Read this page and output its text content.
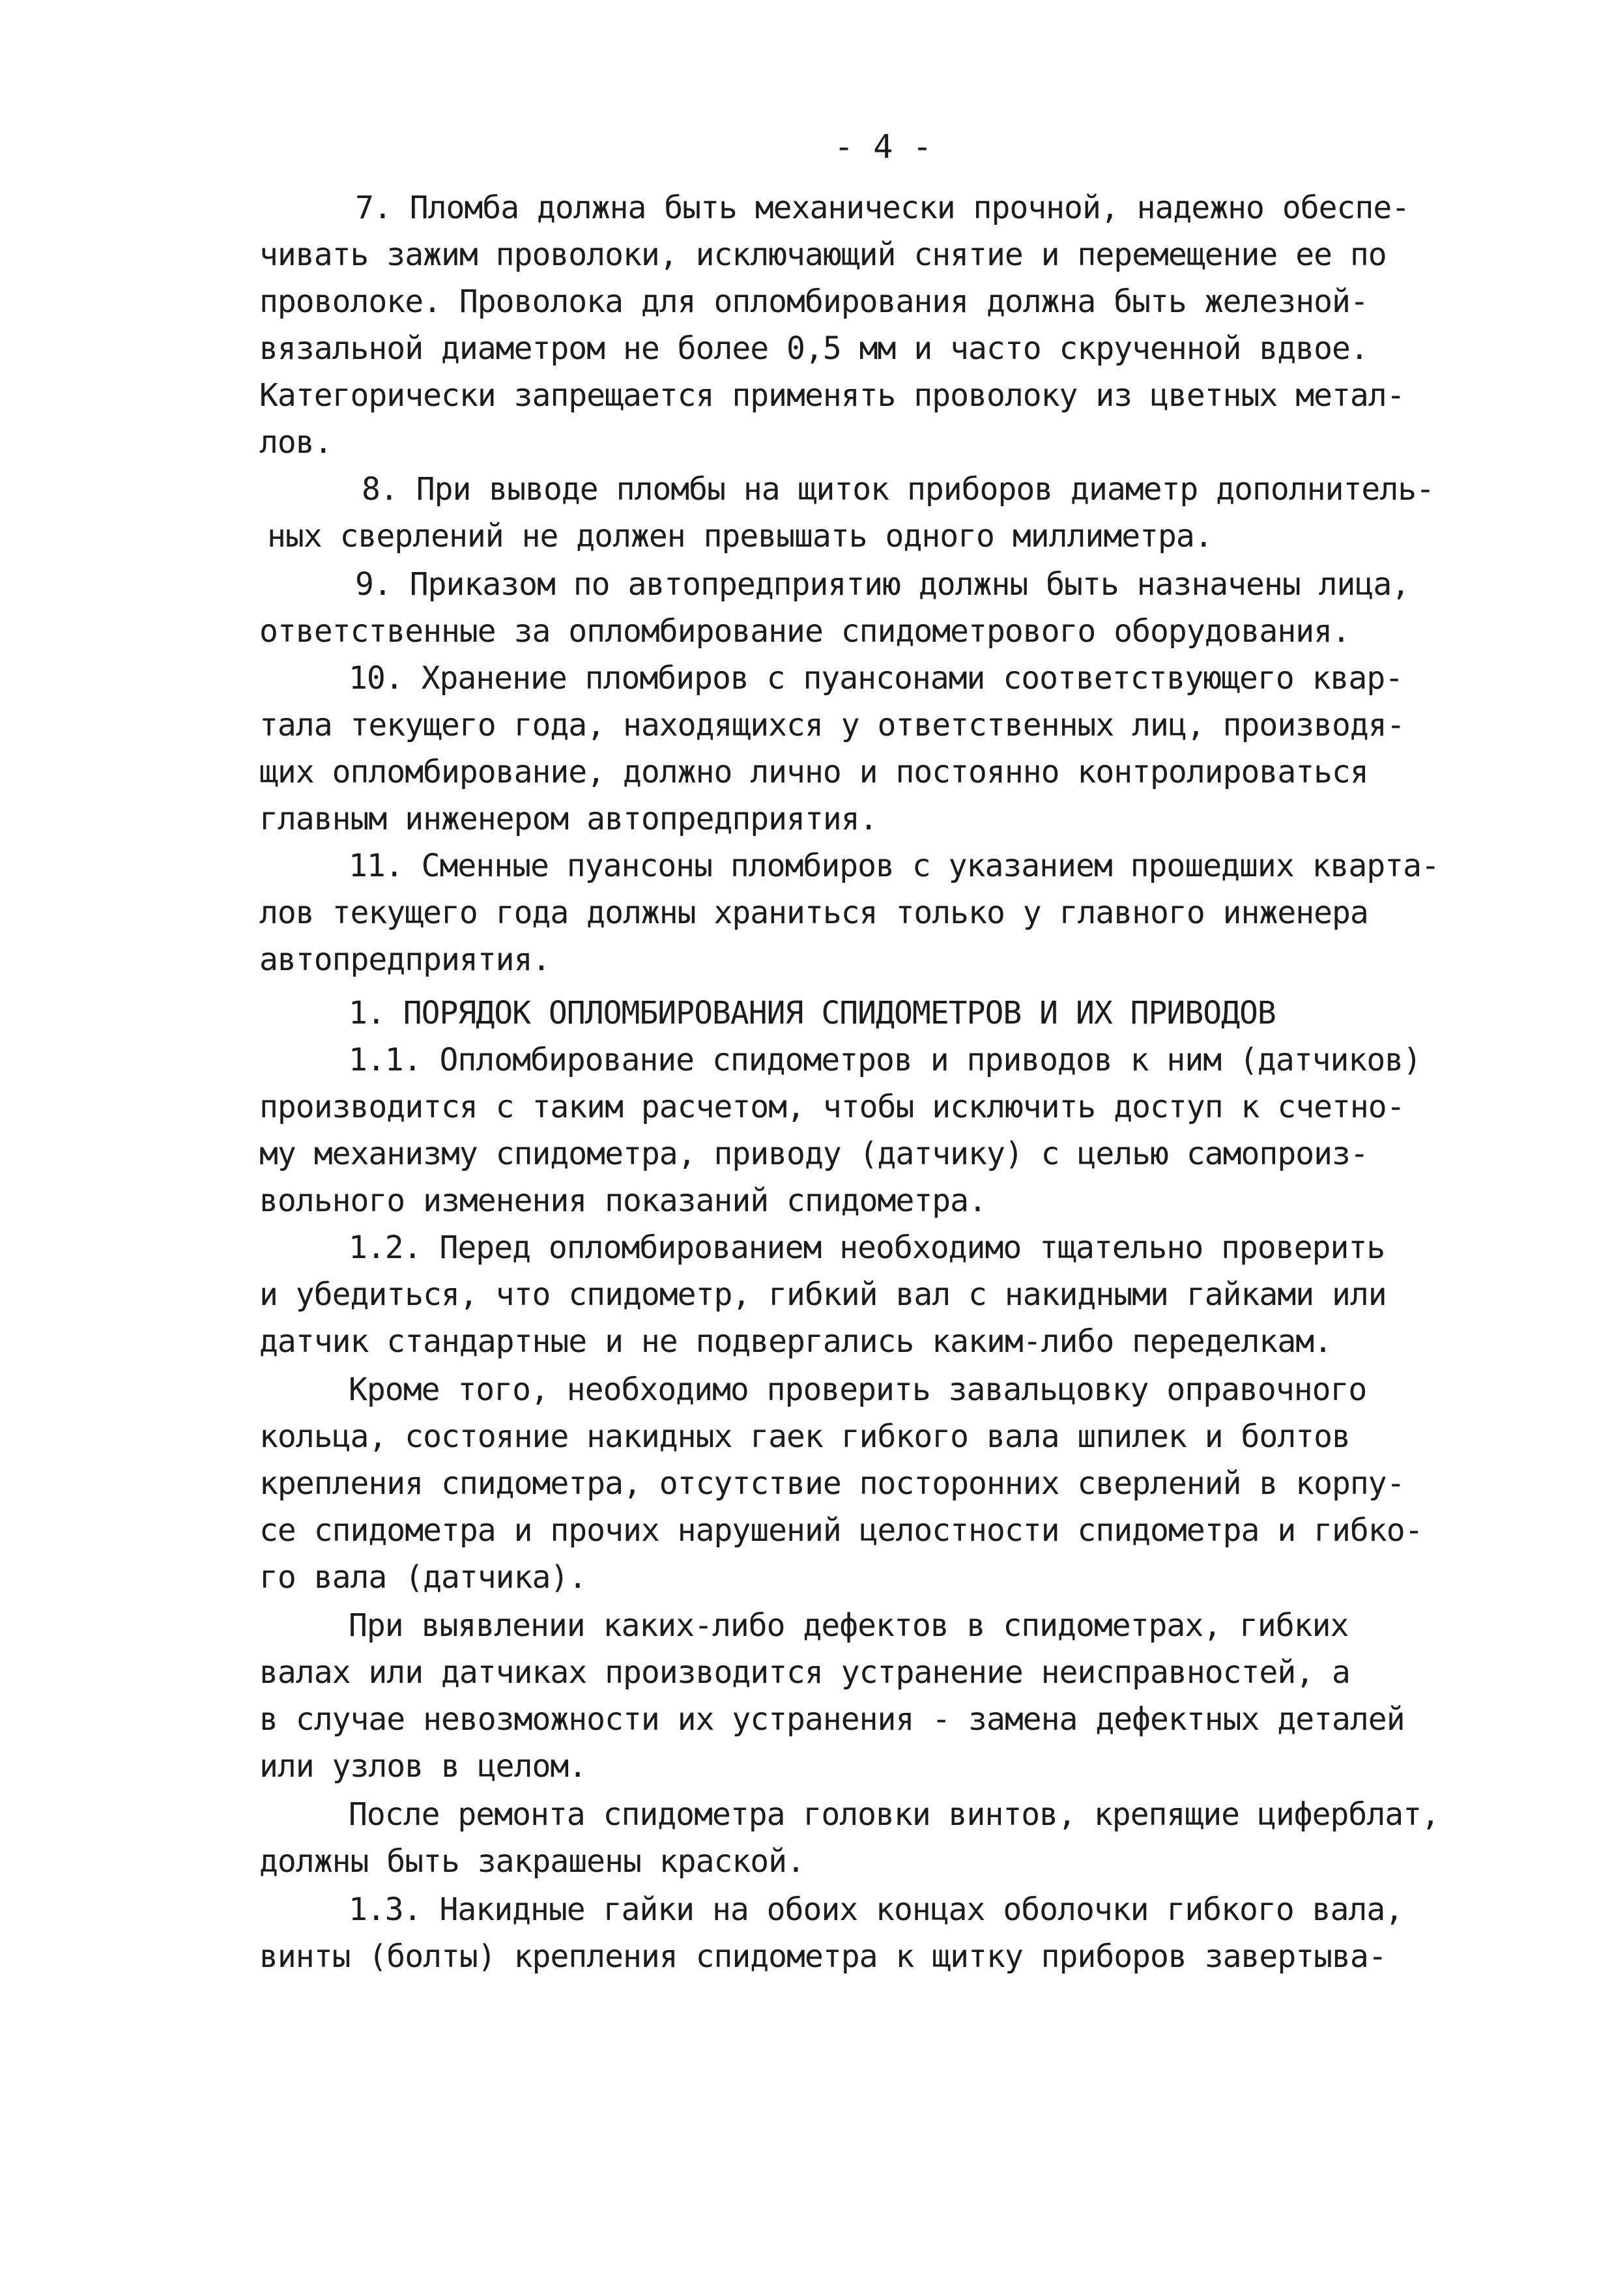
- 4 -
7. Пломба должна быть механически прочной, надежно обеспе-
чивать зажим проволоки, исключающий снятие и перемещение ее по
проволоке. Проволока для опломбирования должна быть железной-
вязальной диаметром не более 0,5 мм и часто скрученной вдвое.
Категорически запрещается применять проволоку из цветных метал-
лов.
8. При выводе пломбы на щиток приборов диаметр дополнитель-
ных сверлений не должен превышать одного миллиметра.
9. Приказом по автопредприятию должны быть назначены лица,
ответственные за опломбирование спидометрового оборудования.
10. Хранение пломбиров с пуансонами соответствующего квар-
тала текущего года, находящихся у ответственных лиц, производя-
щих опломбирование, должно лично и постоянно контролироваться
главным инженером автопредприятия.
11. Сменные пуансоны пломбиров с указанием прошедших кварта-
лов текущего года должны храниться только у главного инженера
автопредприятия.
1. ПОРЯДОК ОПЛОМБИРОВАНИЯ СПИДОМЕТРОВ И ИХ ПРИВОДОВ
1.1. Опломбирование спидометров и приводов к ним (датчиков)
производится с таким расчетом, чтобы исключить доступ к счетно-
му механизму спидометра, приводу (датчику) с целью самопроиз-
вольного изменения показаний спидометра.
1.2. Перед опломбированием необходимо тщательно проверить
и убедиться, что спидометр, гибкий вал с накидными гайками или
датчик стандартные и не подвергались каким-либо переделкам.
Кроме того, необходимо проверить завальцовку оправочного
кольца, состояние накидных гаек гибкого вала шпилек и болтов
крепления спидометра, отсутствие посторонних сверлений в корпу-
се спидометра и прочих нарушений целостности спидометра и гибко-
го вала (датчика).
При выявлении каких-либо дефектов в спидометрах, гибких
валах или датчиках производится устранение неисправностей, а
в случае невозможности их устранения - замена дефектных деталей
или узлов в целом.
После ремонта спидометра головки винтов, крепящие циферблат,
должны быть закрашены краской.
1.3. Накидные гайки на обоих концах оболочки гибкого вала,
винты (болты) крепления спидометра к щитку приборов завертыва-
